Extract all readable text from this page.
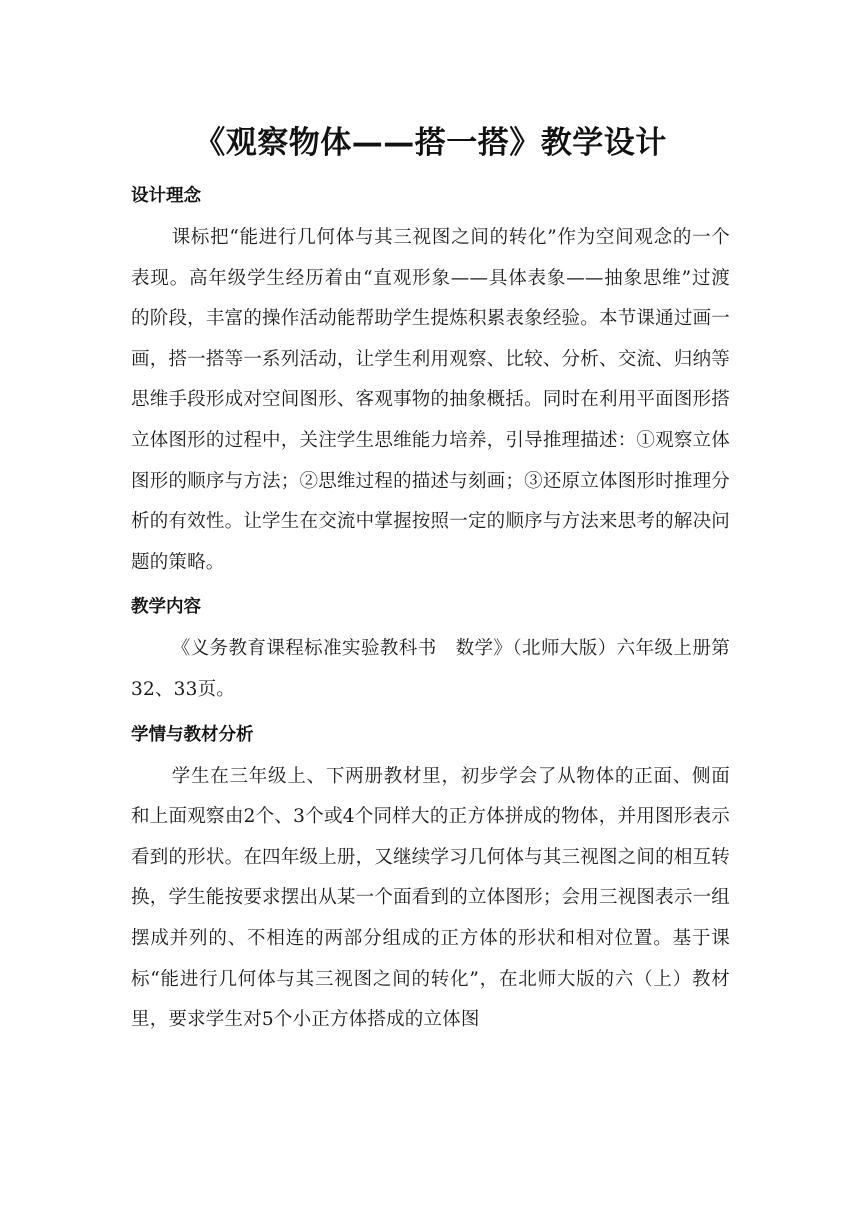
《观察物体——搭一搭》教学设计
设计理念

课标把“能进行几何体与其三视图之间的转化”作为空间观念的一个表现。高年级学生经历着由“直观形象——具体表象——抽象思维”过渡的阶段，丰富的操作活动能帮助学生提炼积累表象经验。本节课通过画一画，搭一搭等一系列活动，让学生利用观察、比较、分析、交流、归纳等思维手段形成对空间图形、客观事物的抽象概括。同时在利用平面图形搭立体图形的过程中，关注学生思维能力培养，引导推理描述：①观察立体图形的顺序与方法；②思维过程的描述与刻画；③还原立体图形时推理分析的有效性。让学生在交流中掌握按照一定的顺序与方法来思考的解决问题的策略。

教学内容

《义务教育课程标准实验教科书　数学》（北师大版）六年级上册第32、33页。

学情与教材分析

学生在三年级上、下两册教材里，初步学会了从物体的正面、侧面和上面观察由2个、3个或4个同样大的正方体拼成的物体，并用图形表示看到的形状。在四年级上册，又继续学习几何体与其三视图之间的相互转换，学生能按要求摆出从某一个面看到的立体图形；会用三视图表示一组摆成并列的、不相连的两部分组成的正方体的形状和相对位置。基于课标“能进行几何体与其三视图之间的转化”，在北师大版的六（上）教材里，要求学生对5个小正方体搭成的立体图
